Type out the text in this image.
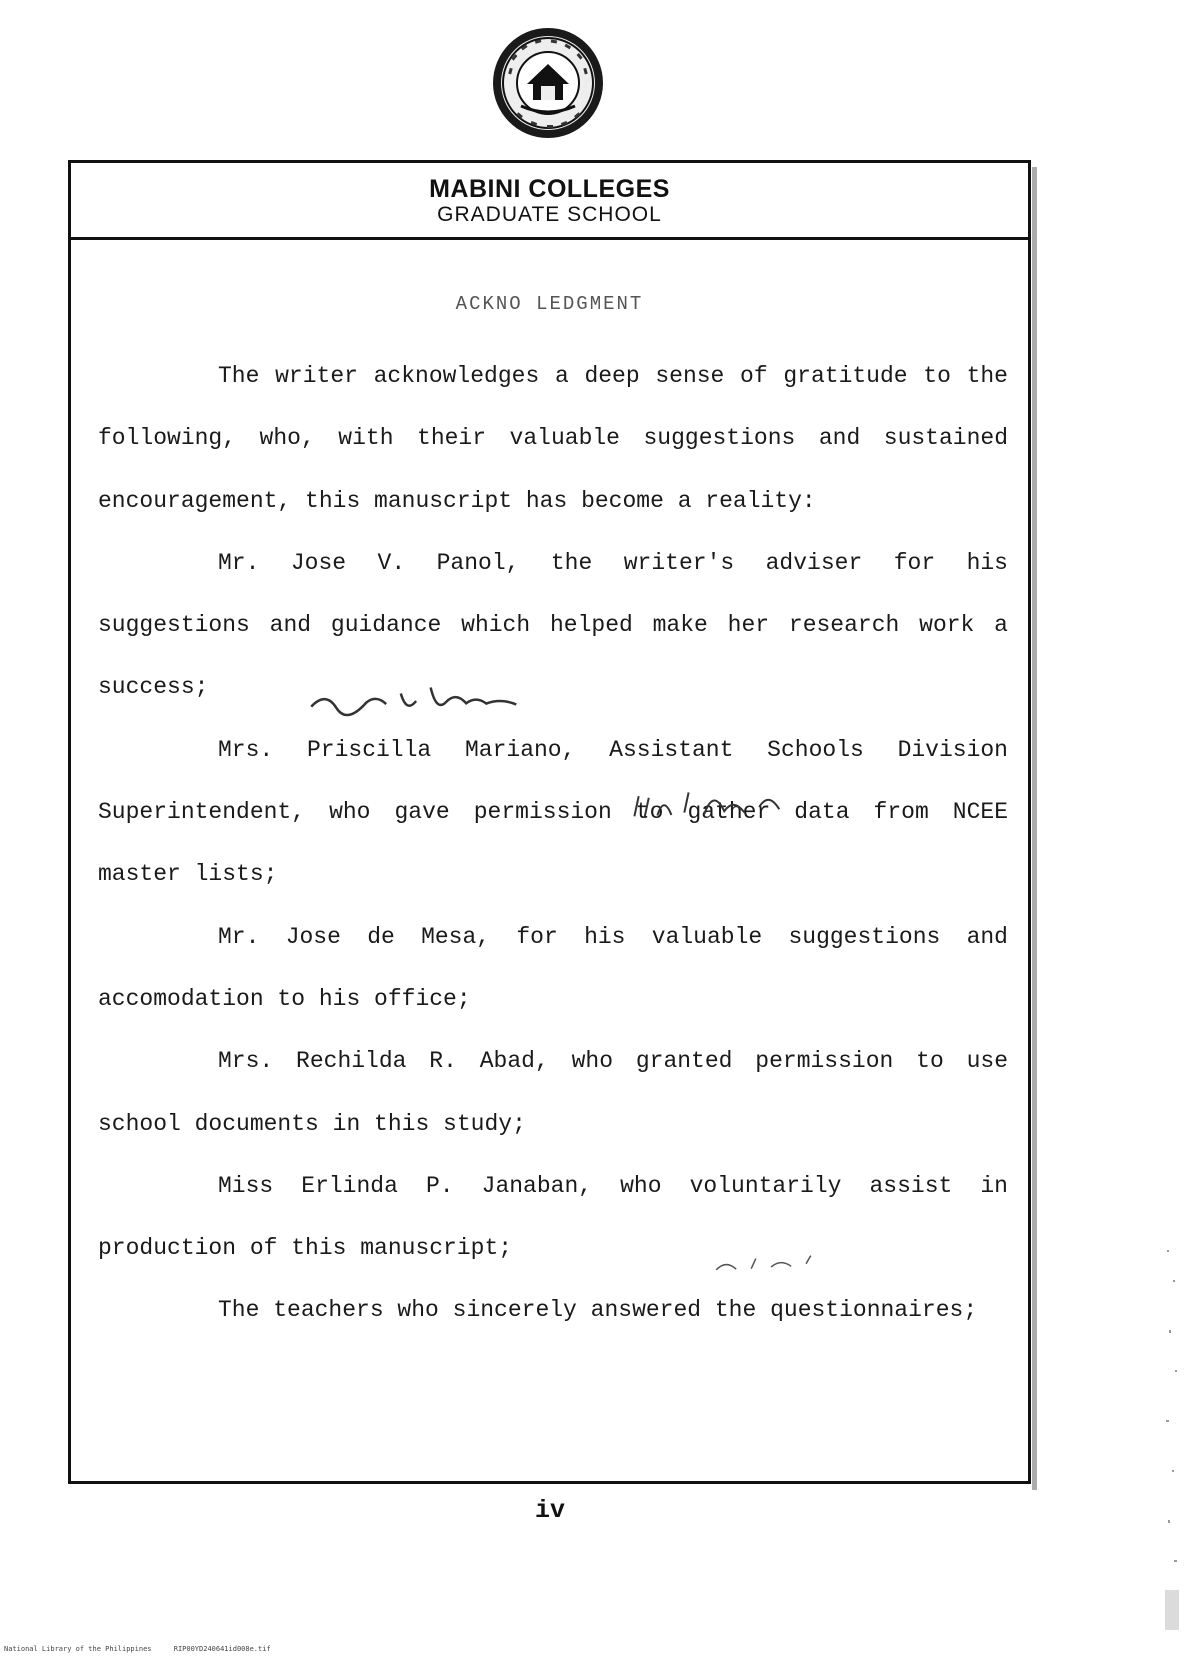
MABINI COLLEGES
GRADUATE SCHOOL
ACKNO LEDGMENT
The writer acknowledges a deep sense of gratitude to the following, who, with their valuable suggestions and sustained encouragement, this manuscript has become a reality:
Mr. Jose V. Panol, the writer's adviser for his suggestions and guidance which helped make her research work a success;
Mrs. Priscilla Mariano, Assistant Schools Division Superintendent, who gave permission to gather data from NCEE master lists;
Mr. Jose de Mesa, for his valuable suggestions and accomodation to his office;
Mrs. Rechilda R. Abad, who granted permission to use school documents in this study;
Miss Erlinda P. Janaban, who voluntarily assist in production of this manuscript;
The teachers who sincerely answered the questionnaires;
iv
National Library of the Philippines	RIP00YD240641id008e.tif
